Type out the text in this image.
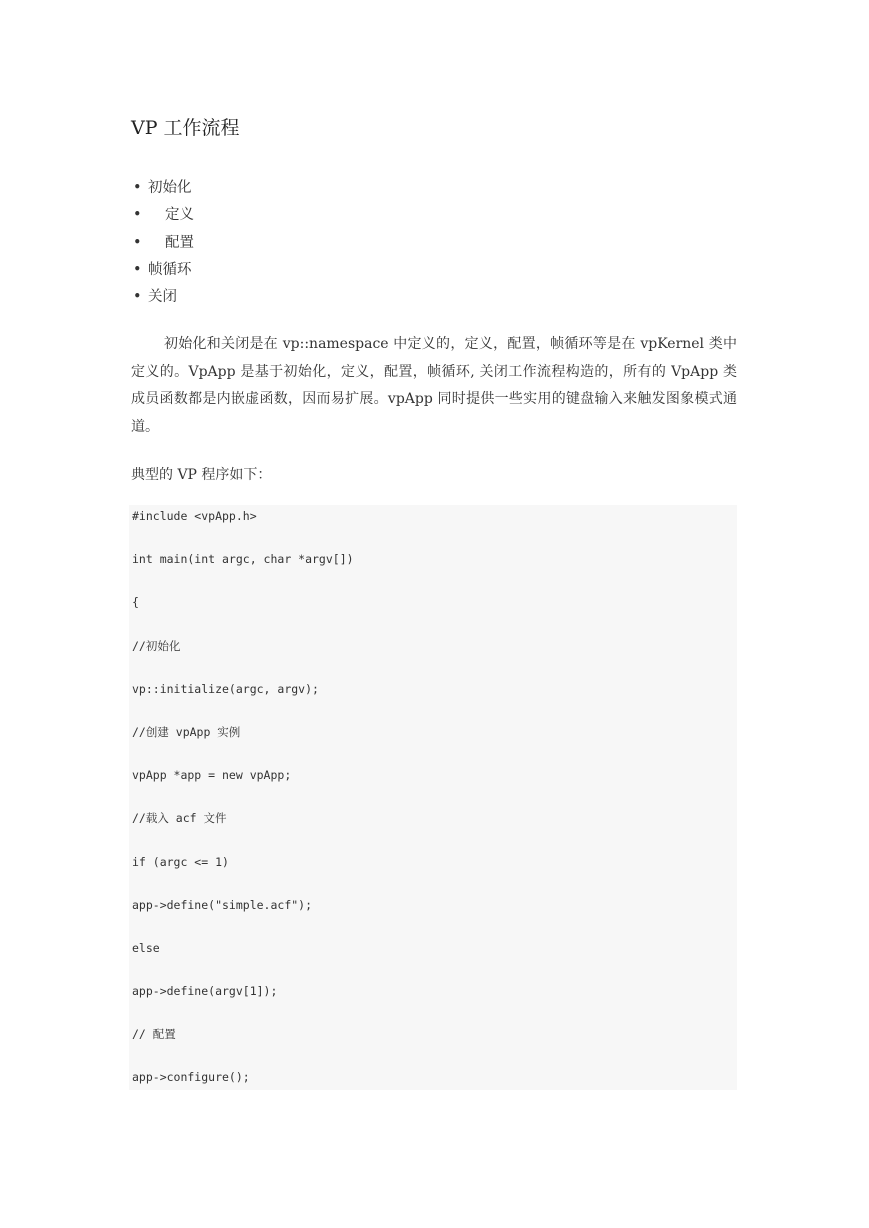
VP 工作流程
• 初始化
• 定义
• 配置
• 帧循环
• 关闭

初始化和关闭是在 vp::namespace 中定义的，定义，配置，帧循环等是在 vpKernel 类中定义的。VpApp 是基于初始化，定义，配置，帧循环, 关闭工作流程构造的，所有的 VpApp 类成员函数都是内嵌虚函数，因而易扩展。vpApp 同时提供一些实用的键盘输入来触发图象模式通道。

典型的 VP 程序如下：

#include <vpApp.h>
int main(int argc, char *argv[])
{
//初始化
vp::initialize(argc, argv);
//创建 vpApp 实例
vpApp *app = new vpApp;
//载入 acf 文件
if (argc <= 1)
app->define("simple.acf");
else
app->define(argv[1]);
// 配置
app->configure();
